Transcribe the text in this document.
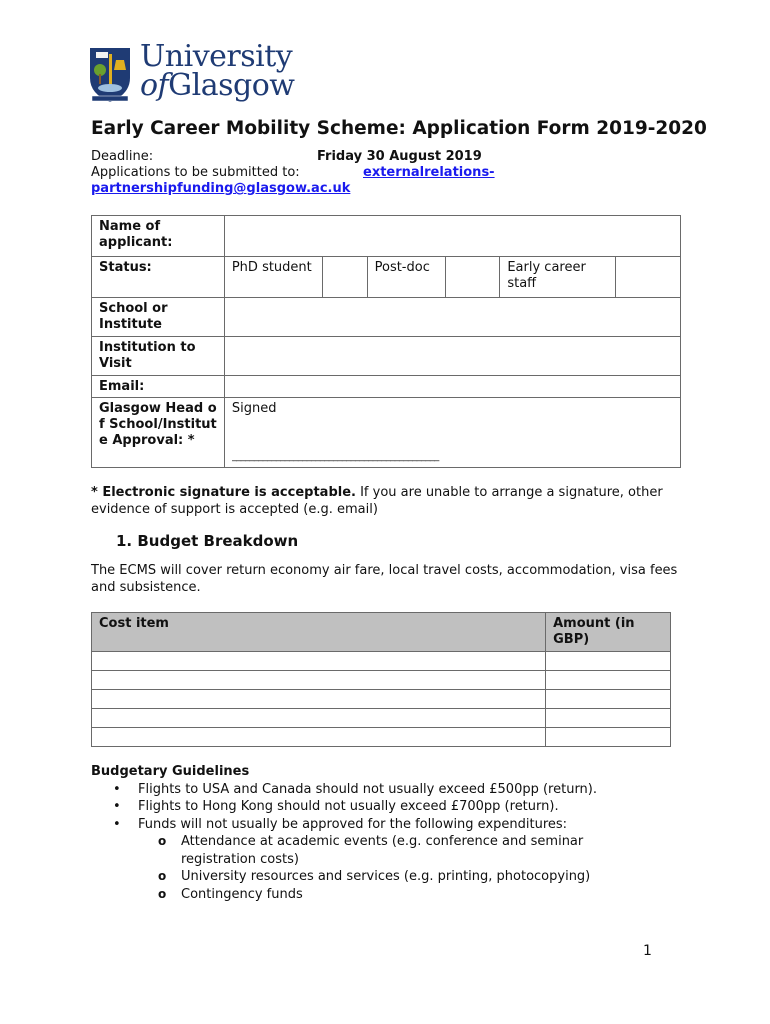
University
ofGlasgow
Early Career Mobility Scheme: Application Form 2019-2020
Deadline:	Friday 30 August 2019
Applications to be submitted to:	externalrelations-
partnershipfunding@glasgow.ac.uk
Name of applicant:						
Status:	PhD student		Post-doc		Early career staff	
School or Institute						
Institution to Visit						
Email:						
Glasgow Head of School/Institut e Approval: *	Signed
_______________________________________________					
* Electronic signature is acceptable. If you are unable to arrange a signature, other evidence of support is accepted (e.g. email)
1. Budget Breakdown
The ECMS will cover return economy air fare, local travel costs, accommodation, visa fees and subsistence.
Cost item	Amount (in GBP)

Budgetary Guidelines
• Flights to USA and Canada should not usually exceed £500pp (return).
• Flights to Hong Kong should not usually exceed £700pp (return).
• Funds will not usually be approved for the following expenditures:
o Attendance at academic events (e.g. conference and seminar registration costs)
o University resources and services (e.g. printing, photocopying)
o Contingency funds
1
